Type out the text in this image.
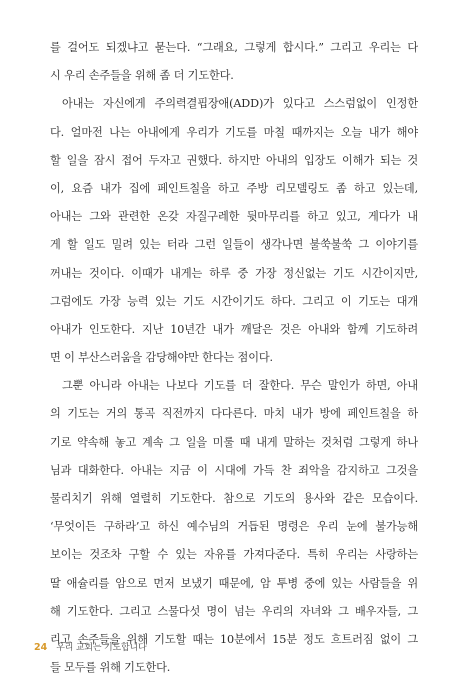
를 걸어도 되겠냐고 묻는다. “그래요, 그렇게 합시다.” 그리고 우리는 다
시 우리 손주들을 위해 좀 더 기도한다.
아내는 자신에게 주의력결핍장애(ADD)가 있다고 스스럼없이 인정한
다. 얼마전 나는 아내에게 우리가 기도를 마칠 때까지는 오늘 내가 해야
할 일을 잠시 접어 두자고 권했다. 하지만 아내의 입장도 이해가 되는 것
이, 요즘 내가 집에 페인트칠을 하고 주방 리모델링도 좀 하고 있는데,
아내는 그와 관련한 온갖 자질구레한 뒷마무리를 하고 있고, 게다가 내
게 할 일도 밀려 있는 터라 그런 일들이 생각나면 불쑥불쑥 그 이야기를
꺼내는 것이다. 이때가 내게는 하루 중 가장 정신없는 기도 시간이지만,
그럼에도 가장 능력 있는 기도 시간이기도 하다. 그리고 이 기도는 대개
아내가 인도한다. 지난 10년간 내가 깨달은 것은 아내와 함께 기도하려
면 이 부산스러움을 감당해야만 한다는 점이다.
그뿐 아니라 아내는 나보다 기도를 더 잘한다. 무슨 말인가 하면, 아내
의 기도는 거의 통곡 직전까지 다다른다. 마치 내가 방에 페인트칠을 하
기로 약속해 놓고 계속 그 일을 미룰 때 내게 말하는 것처럼 그렇게 하나
님과 대화한다. 아내는 지금 이 시대에 가득 찬 죄악을 감지하고 그것을
물리치기 위해 열렬히 기도한다. 참으로 기도의 용사와 같은 모습이다.
‘무엇이든 구하라’고 하신 예수님의 거듭된 명령은 우리 눈에 불가능해
보이는 것조차 구할 수 있는 자유를 가져다준다. 특히 우리는 사랑하는
딸 애슐리를 암으로 먼저 보냈기 때문에, 암 투병 중에 있는 사람들을 위
해 기도한다. 그리고 스물다섯 명이 넘는 우리의 자녀와 그 배우자들, 그
리고 손주들을 위해 기도할 때는 10분에서 15분 정도 흐트러짐 없이 그
들 모두를 위해 기도한다.
24 우리 교회는 기도합니다
